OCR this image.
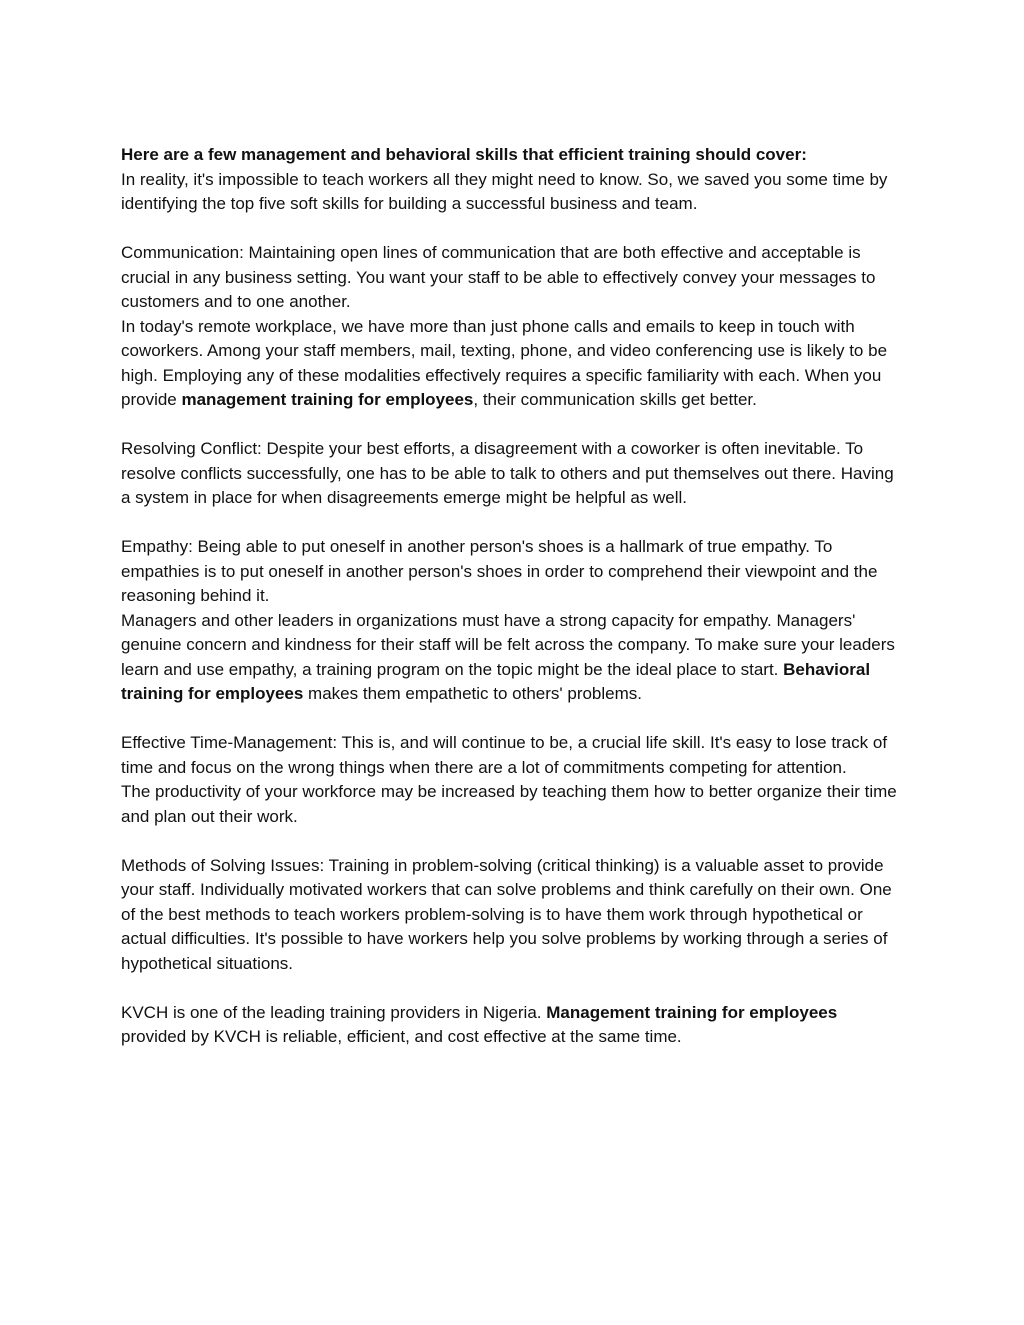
Here are a few management and behavioral skills that efficient training should cover:

In reality, it's impossible to teach workers all they might need to know. So, we saved you some time by identifying the top five soft skills for building a successful business and team.

Communication: Maintaining open lines of communication that are both effective and acceptable is crucial in any business setting. You want your staff to be able to effectively convey your messages to customers and to one another.

In today's remote workplace, we have more than just phone calls and emails to keep in touch with coworkers. Among your staff members, mail, texting, phone, and video conferencing use is likely to be high. Employing any of these modalities effectively requires a specific familiarity with each. When you provide management training for employees, their communication skills get better.

Resolving Conflict: Despite your best efforts, a disagreement with a coworker is often inevitable. To resolve conflicts successfully, one has to be able to talk to others and put themselves out there. Having a system in place for when disagreements emerge might be helpful as well.

Empathy: Being able to put oneself in another person's shoes is a hallmark of true empathy. To empathies is to put oneself in another person's shoes in order to comprehend their viewpoint and the reasoning behind it.

Managers and other leaders in organizations must have a strong capacity for empathy. Managers' genuine concern and kindness for their staff will be felt across the company. To make sure your leaders learn and use empathy, a training program on the topic might be the ideal place to start. Behavioral training for employees makes them empathetic to others' problems.

Effective Time-Management: This is, and will continue to be, a crucial life skill. It's easy to lose track of time and focus on the wrong things when there are a lot of commitments competing for attention.

The productivity of your workforce may be increased by teaching them how to better organize their time and plan out their work.

Methods of Solving Issues: Training in problem-solving (critical thinking) is a valuable asset to provide your staff. Individually motivated workers that can solve problems and think carefully on their own. One of the best methods to teach workers problem-solving is to have them work through hypothetical or actual difficulties. It's possible to have workers help you solve problems by working through a series of hypothetical situations.

KVCH is one of the leading training providers in Nigeria. Management training for employees provided by KVCH is reliable, efficient, and cost effective at the same time.
